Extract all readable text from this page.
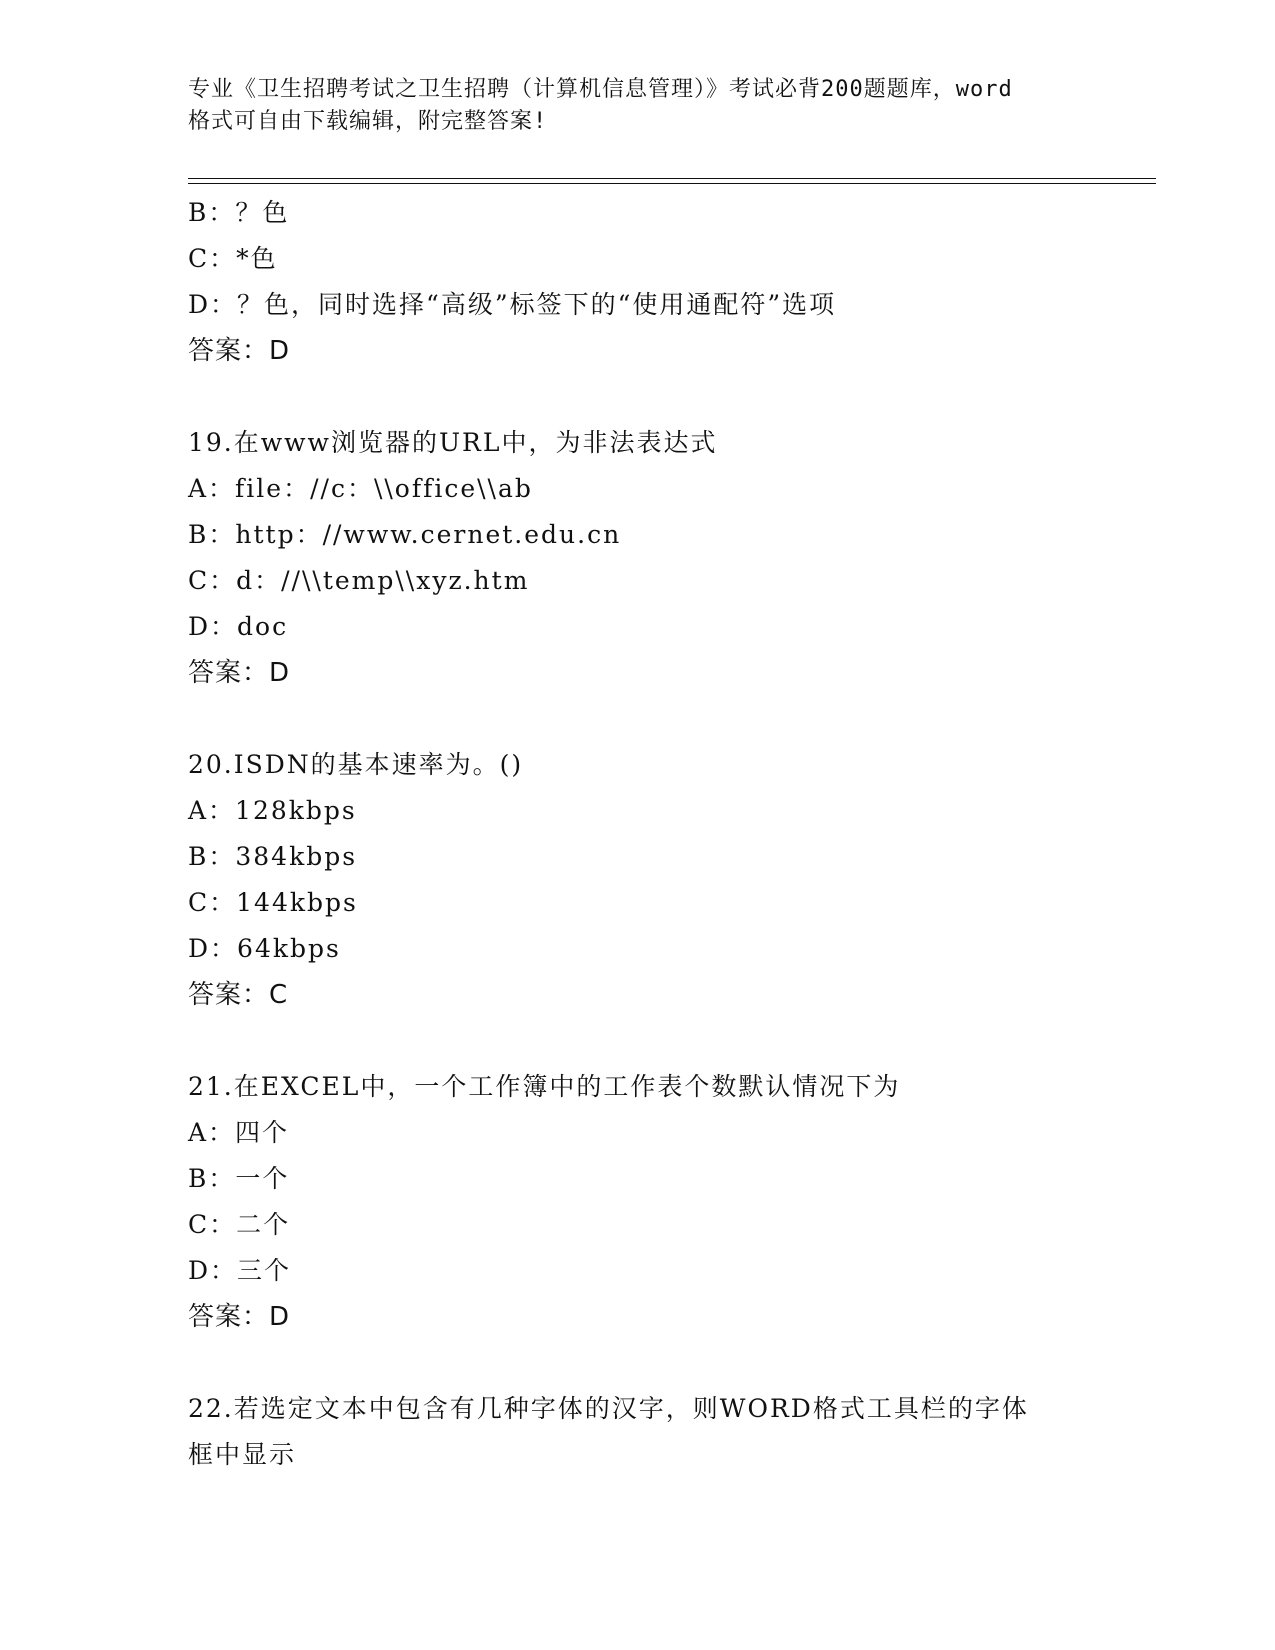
专业《卫生招聘考试之卫生招聘（计算机信息管理）》考试必背200题题库，word
格式可自由下载编辑，附完整答案!
B：？色
C：*色
D：？色，同时选择“高级”标签下的“使用通配符”选项
答案：D
19.在www浏览器的URL中，为非法表达式
A：file：//c：\\office\\ab
B：http：//www.cernet.edu.cn
C：d：//\\temp\\xyz.htm
D：doc
答案：D
20.ISDN的基本速率为。()
A：128kbps
B：384kbps
C：144kbps
D：64kbps
答案：C
21.在EXCEL中，一个工作簿中的工作表个数默认情况下为
A：四个
B：一个
C：二个
D：三个
答案：D
22.若选定文本中包含有几种字体的汉字，则WORD格式工具栏的字体
框中显示
